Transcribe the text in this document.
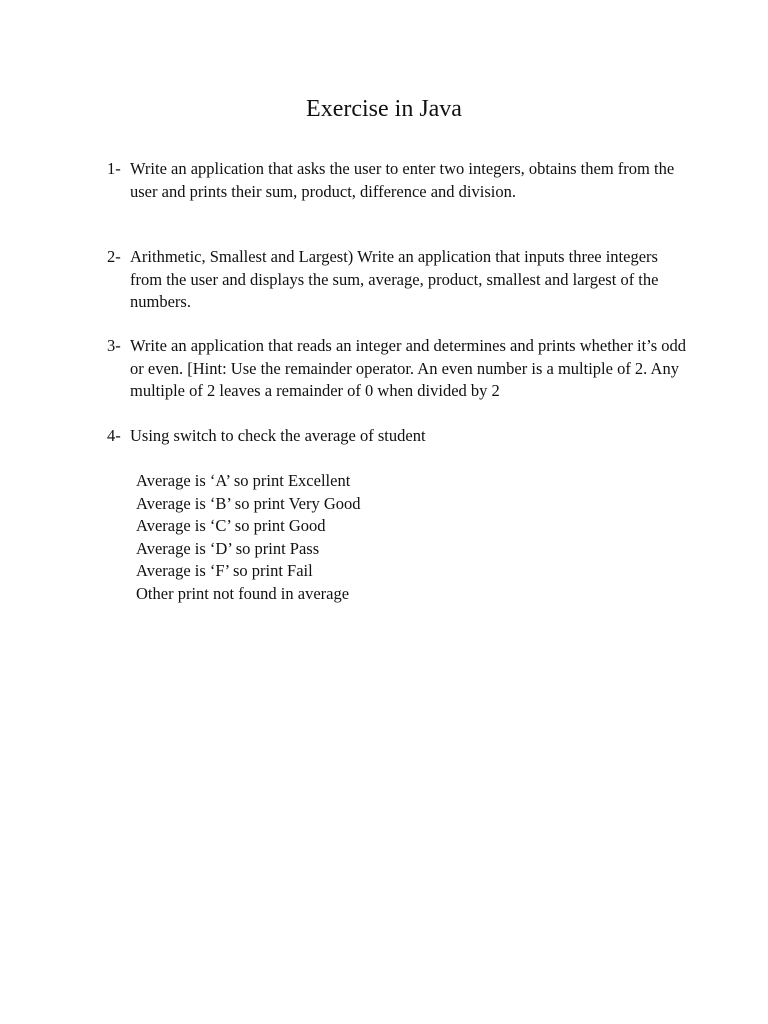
Exercise in Java
1- Write an application that asks the user to enter two integers, obtains them from the user and prints their sum, product, difference and division.
2- Arithmetic, Smallest and Largest) Write an application that inputs three integers from the user and displays the sum, average, product, smallest and largest of the numbers.
3- Write an application that reads an integer and determines and prints whether it’s odd or even. [Hint: Use the remainder operator. An even number is a multiple of 2. Any multiple of 2 leaves a remainder of 0 when divided by 2
4- Using switch to check the average of student
Average is ‘A’ so print Excellent
Average is ‘B’ so print Very Good
Average is ‘C’ so print Good
Average is ‘D’ so print Pass
Average is ‘F’ so print Fail
Other print not found in average
